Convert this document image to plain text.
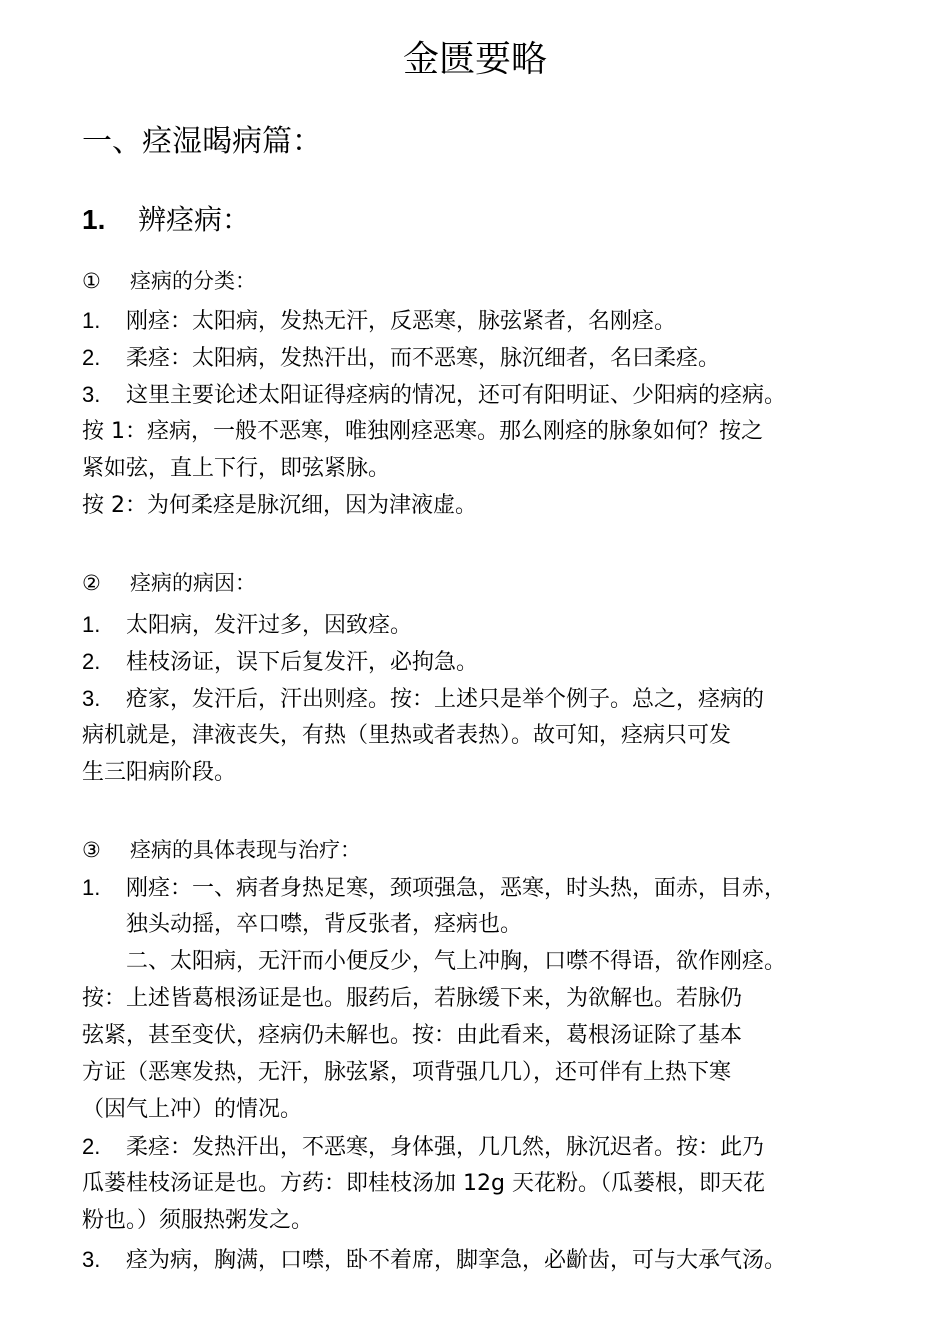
金匮要略
一、痉湿暍病篇：
1. 辨痉病：
① 痉病的分类：
1. 刚痉：太阳病，发热无汗，反恶寒，脉弦紧者，名刚痉。
2. 柔痉：太阳病，发热汗出，而不恶寒，脉沉细者，名曰柔痉。
3. 这里主要论述太阳证得痉病的情况，还可有阳明证、少阳病的痉病。
按 1：痉病，一般不恶寒，唯独刚痉恶寒。那么刚痉的脉象如何？按之
紧如弦，直上下行，即弦紧脉。
按 2：为何柔痉是脉沉细，因为津液虚。
② 痉病的病因：
1. 太阳病，发汗过多，因致痉。
2. 桂枝汤证，误下后复发汗，必拘急。
3. 疮家，发汗后，汗出则痉。按：上述只是举个例子。总之，痉病的
病机就是，津液丧失，有热（里热或者表热）。故可知，痉病只可发
生三阳病阶段。
③ 痉病的具体表现与治疗：
1. 刚痉：一、病者身热足寒，颈项强急，恶寒，时头热，面赤，目赤，
独头动摇，卒口噤，背反张者，痉病也。
二、太阳病，无汗而小便反少，气上冲胸，口噤不得语，欲作刚痉。
按：上述皆葛根汤证是也。服药后，若脉缓下来，为欲解也。若脉仍
弦紧，甚至变伏，痉病仍未解也。按：由此看来，葛根汤证除了基本
方证（恶寒发热，无汗，脉弦紧，项背强几几），还可伴有上热下寒
（因气上冲）的情况。
2. 柔痉：发热汗出，不恶寒，身体强，几几然，脉沉迟者。按：此乃
瓜蒌桂枝汤证是也。方药：即桂枝汤加 12g 天花粉。（瓜蒌根，即天花
粉也。）须服热粥发之。
3. 痉为病，胸满，口噤，卧不着席，脚挛急，必齘齿，可与大承气汤。
